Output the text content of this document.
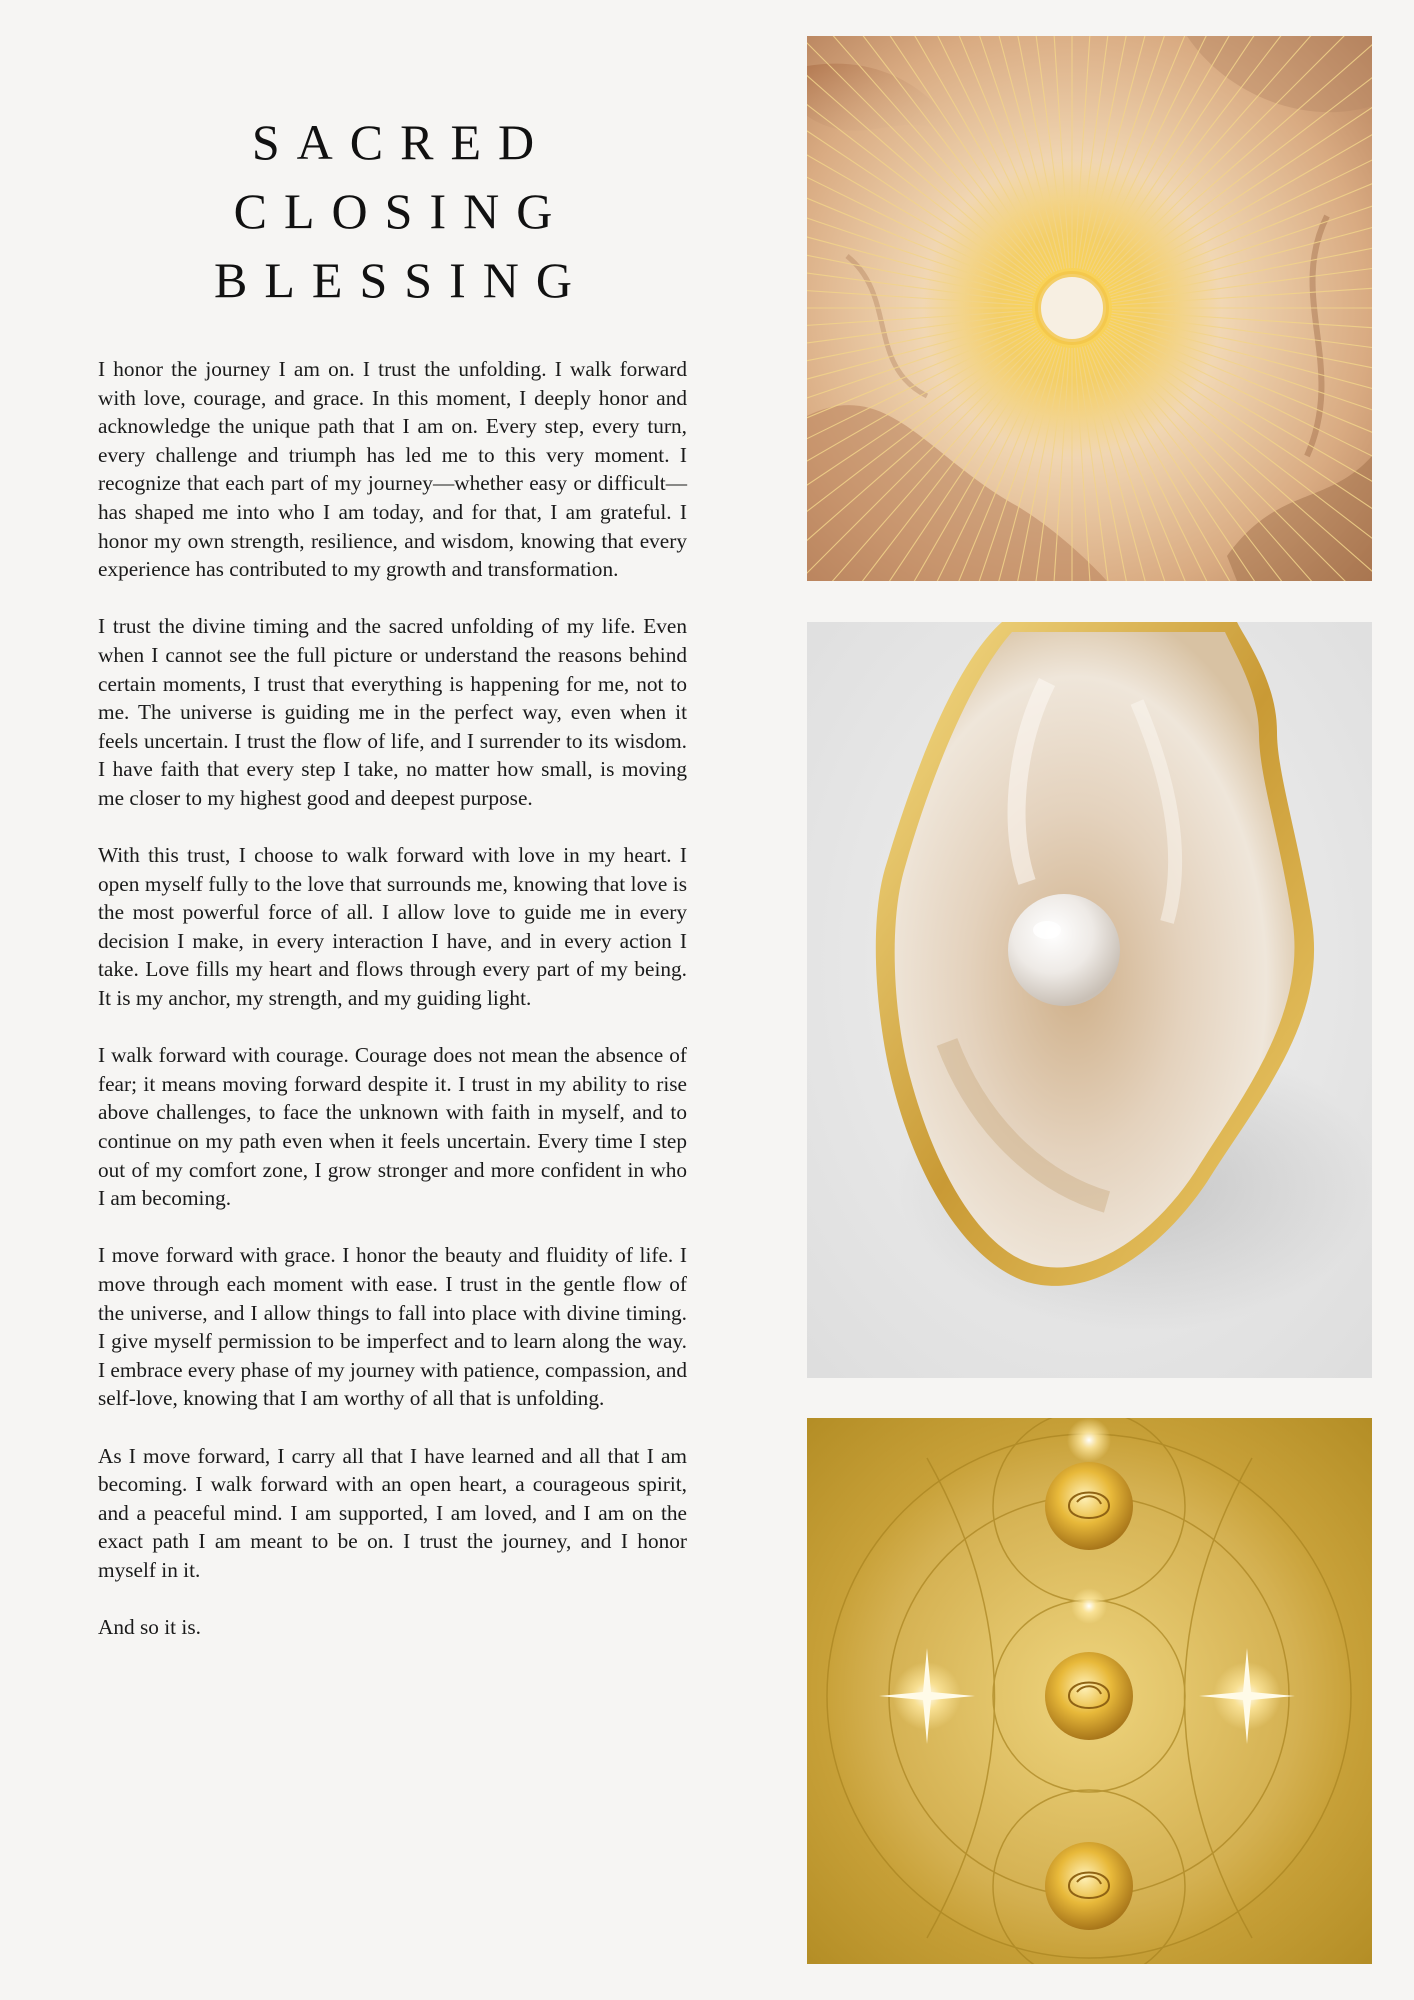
SACRED
CLOSING
BLESSING

I honor the journey I am on. I trust the unfolding. I walk forward with love, courage, and grace. In this moment, I deeply honor and acknowledge the unique path that I am on. Every step, every turn, every challenge and triumph has led me to this very moment. I recognize that each part of my journey—whether easy or difficult—has shaped me into who I am today, and for that, I am grateful. I honor my own strength, resilience, and wisdom, knowing that every experience has contributed to my growth and transformation.

I trust the divine timing and the sacred unfolding of my life. Even when I cannot see the full picture or understand the reasons behind certain moments, I trust that everything is happening for me, not to me. The universe is guiding me in the perfect way, even when it feels uncertain. I trust the flow of life, and I surrender to its wisdom. I have faith that every step I take, no matter how small, is moving me closer to my highest good and deepest purpose.

With this trust, I choose to walk forward with love in my heart. I open myself fully to the love that surrounds me, knowing that love is the most powerful force of all. I allow love to guide me in every decision I make, in every interaction I have, and in every action I take. Love fills my heart and flows through every part of my being. It is my anchor, my strength, and my guiding light.

I walk forward with courage. Courage does not mean the absence of fear; it means moving forward despite it. I trust in my ability to rise above challenges, to face the unknown with faith in myself, and to continue on my path even when it feels uncertain. Every time I step out of my comfort zone, I grow stronger and more confident in who I am becoming.

I move forward with grace. I honor the beauty and fluidity of life. I move through each moment with ease. I trust in the gentle flow of the universe, and I allow things to fall into place with divine timing. I give myself permission to be imperfect and to learn along the way. I embrace every phase of my journey with patience, compassion, and self-love, knowing that I am worthy of all that is unfolding.

As I move forward, I carry all that I have learned and all that I am becoming. I walk forward with an open heart, a courageous spirit, and a peaceful mind. I am supported, I am loved, and I am on the exact path I am meant to be on. I trust the journey, and I honor myself in it.

And so it is.
